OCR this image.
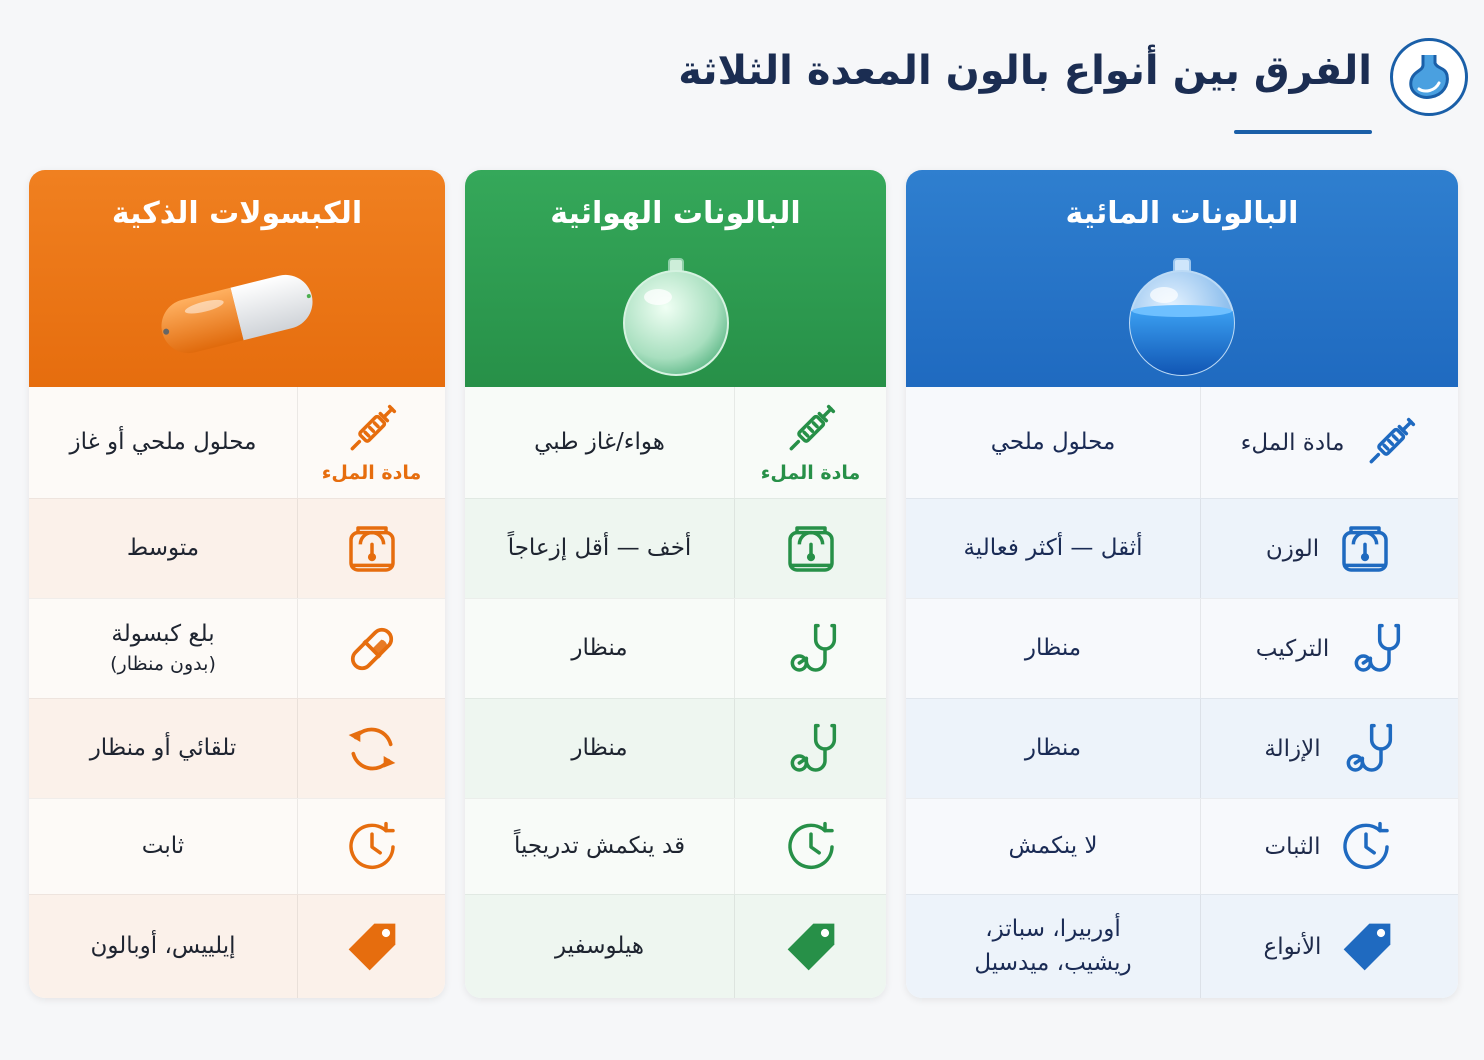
الفرق بين أنواع بالون المعدة الثلاثة
البالونات المائية
مادة الملء
محلول ملحي
الوزن
أثقل — أكثر فعالية
التركيب
منظار
الإزالة
منظار
الثبات
لا ينكمش
الأنواع
أوربيرا، سباتز،
ريشيب، ميدسيل
البالونات الهوائية
مادة الملء
هواء/غاز طبي
أخف — أقل إزعاجاً
منظار
منظار
قد ينكمش تدريجياً
هيلوسفير
الكبسولات الذكية
مادة الملء
محلول ملحي أو غاز
متوسط
بلع كبسولة
(بدون منظار)
تلقائي أو منظار
ثابت
إيلييس، أوبالون
